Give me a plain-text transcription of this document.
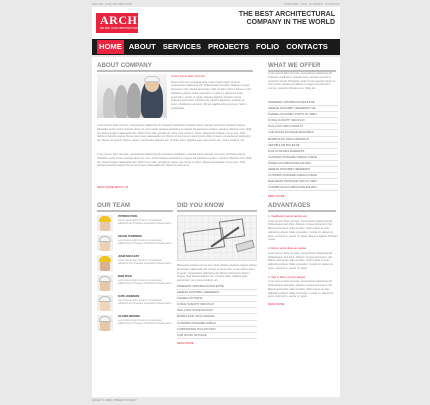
PHONE: (001) 88-888-0000	SUPPORT FAQ SITEMAP CONTACT
ARCHY
WE ARE YOUR ARCHITECTURAL PARTNER
THE BEST ARCHITECTURAL COMPANY IN THE WORLD
HOME ABOUT SERVICES PROJECTS FOLIO CONTACTS
ABOUT COMPANY
Lorem ipsum dolor sit amet
Fusce euismod consequat ante. Lorem ipsum dolor sit amet, consectetuer adipiscing elit. Pellentesque sed dolor. Aliquam congue fermentum nisl. Mauris accumsan nulla vel diam. Sed in lacus ut enim adipiscing aliquet. Nulla venenatis. In pede mi, aliquet sit amet, euismod in, auctor ut, ligula. Aliquam dapibus tincidunt metus. Praesent justo dolor, lobortis quis, lobortis dignissim, pulvinar ac, lorem. Vestibulum sed ante. Donec sagittis euismod purus. Sed ut perspiciatis.
Lorem ipsum dolor sit amet, consectetuer adipiscing elit. Praesent vestibulum molestie lacus. Aenean nonummy hendrerit mauris. Phasellus porta. Fusce suscipit varius mi. Cum sociis natoque penatibus et magnis dis parturient montes, nascetur ridiculus mus. Nulla dui. Fusce feugiat malesuada odio. Morbi nunc odio, gravida at, cursus nec, luctus a, lorem. Maecenas tristique orci ac sem. Duis ultricies pharetra magna. Donec accumsan malesuada orci. Donec sit amet eros. Lorem ipsum dolor sit amet, consectetuer adipiscing elit. Mauris fermentum dictum magna. Sed laoreet aliquam leo. Ut tellus dolor, dapibus eget, elementum vel, cursus eleifend, elit.
Lorem ipsum dolor sit amet, consectetuer adipiscing elit. Praesent vestibulum molestie lacus. Aenean nonummy hendrerit mauris. Phasellus porta. Fusce suscipit varius mi. Cum sociis natoque penatibus et magnis dis parturient montes, nascetur ridiculus mus. Nulla dui. Fusce feugiat malesuada odio. Morbi nunc odio, gravida at, cursus nec, luctus a, lorem. Maecenas tristique orci ac sem. Duis ultricies pharetra magna. Donec accumsan malesuada orci. Donec sit amet eros.
READ MORE ABOUT US
WHAT WE OFFER
Lorem ipsum dolor sit amet, consectetuer adipiscing elit. Praesent vestibulum molestie lacus. Aenean nonummy hendrerit mauris. Phasellus porta. Fusce suscipit varius mi. Cum sociis natoque penatibus et magnis dis parturient montes, nascetur ridiculus mus. Nulla dui.
PRAESENT VESTIBULUM MOLESTIE
AENEAN NONUMMY HENDRERIT VEL
PHASELLUS DONEC PORTA SIT AMET
FUSCE SUSCIPIT VARIUS MI
NULLA DUI ORCI FUSCE AT
CUM SOCIIS NATOQUE PENATIBUS
MORBI NUNC ODIO GRAVIDA AT
VESTIBULUM MOLESTIE
DUIS ULTRICIES PHARETRA
ULTRICIES POSUERE CUBILIA CURAE
DONEC ACCUMSAN MALESUADA
AENEAN NONUMMY HENDRERIT
ULTRICIES POSUERE CUBILIA CURAE
MAECENAS TRISTIQUE ORCI AC SEM
CURABITUR ACCUMSAN MALESUADA
READ MORE
OUR TEAM
PATRICK POOL
Lorem ipsum dolor sit amet, consectetuer adipiscing elit. Praesent vestibulum molestie lacus.
HELEN THOMSON
Lorem ipsum dolor sit amet, consectetuer adipiscing elit. Praesent vestibulum molestie lacus.
JOHN MCCLEST
Lorem ipsum dolor sit amet, consectetuer adipiscing elit. Praesent vestibulum molestie lacus.
BOB POLE
Lorem ipsum dolor sit amet, consectetuer adipiscing elit. Praesent vestibulum molestie lacus.
KATE JOHNSON
Lorem ipsum dolor sit amet, consectetuer adipiscing elit. Praesent vestibulum molestie lacus.
GLORIA BROWN
Lorem ipsum dolor sit amet, consectetuer adipiscing elit. Praesent vestibulum molestie lacus.
DID YOU KNOW
Maecenas tristique orci ac sem. Duis ultricies pharetra magna. Donec accumsan malesuada orci. Donec sit amet eros. Lorem ipsum dolor sit amet, consectetuer adipiscing elit. Mauris fermentum dictum magna. Sed laoreet aliquam leo. Ut tellus dolor, dapibus eget, elementum vel, cursus eleifend, elit.
PRAESENT VESTIBULUM MOLESTIE
AENEAN NONUMMY HENDRERIT
PHASELLUS PORTA
FUSCE SUSCIPIT VARIUS MI
NULLA DUI FUSCE FEUGIAT
MORBI NUNC ODIO GRAVIDA
ULTRICIES POSUERE CUBILIA
SUSPENDISSE SOLLICITUDIN
CUM SOCIIS NATOQUE
READ MORE
ADVANTAGES
1. Vestibulum iaculis lacinia est
Lorem ipsum dolor sit amet, consectetuer adipiscing elit. Pellentesque sed dolor. Aliquam congue fermentum nisl. Mauris accumsan nulla vel diam. Sed in lacus ut enim adipiscing aliquet. Nulla venenatis. In pede mi, aliquet sit amet, euismod in, auctor ut, ligula. Aliquam dapibus tincidunt metus.
2. Donec porta diam eu massa
Lorem ipsum dolor sit amet, consectetuer adipiscing elit. Pellentesque sed dolor. Aliquam congue fermentum nisl. Mauris accumsan nulla vel diam. Sed in lacus ut enim adipiscing aliquet. Nulla venenatis. In pede mi, aliquet sit amet, euismod in, auctor ut, ligula.
3. Sed in lacus ut enim aliquet
Lorem ipsum dolor sit amet, consectetuer adipiscing elit. Pellentesque sed dolor. Aliquam congue fermentum nisl. Mauris accumsan nulla vel diam. Sed in lacus ut enim adipiscing aliquet. Nulla venenatis. In pede mi, aliquet sit amet, euismod in, auctor ut, ligula.
READ MORE
ARCHY © 2009 | PRIVACY POLICY
